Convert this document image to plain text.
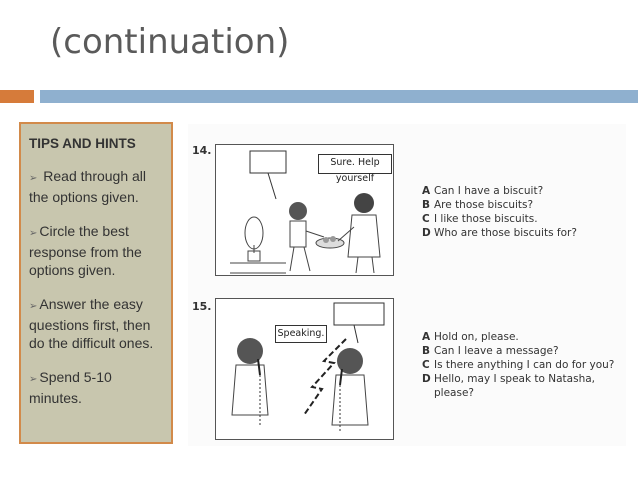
(continuation)
TIPS AND HINTS
➢ Read through all the options given.
➢ Circle the best response from the options given.
➢ Answer the easy questions first, then do the difficult ones.
➢ Spend 5-10 minutes.
14.
Sure. Help yourself
A Can I have a biscuit?
B Are those biscuits?
C I like those biscuits.
D Who are those biscuits for?
15.
Speaking.	A Hold on, please.
B Can I leave a message?
C Is there anything I can do for you?
D Hello, may I speak to Natasha,
please?
